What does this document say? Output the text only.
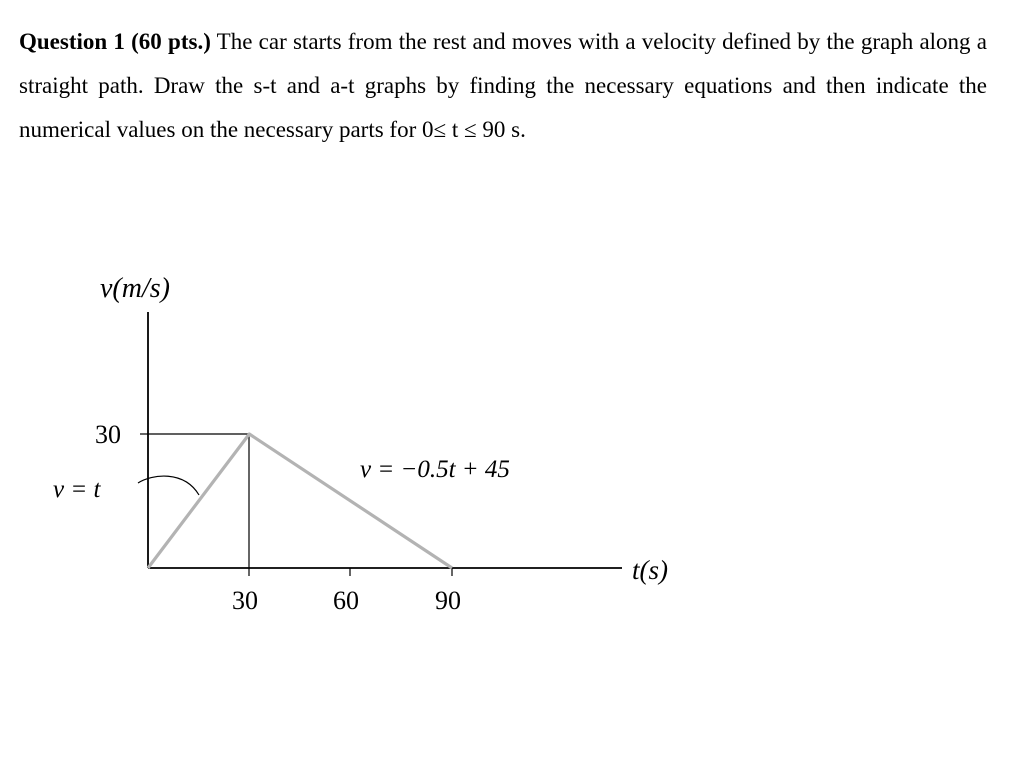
Question 1 (60 pts.) The car starts from the rest and moves with a velocity defined by the graph along a straight path. Draw the s-t and a-t graphs by finding the necessary equations and then indicate the numerical values on the necessary parts for 0≤ t ≤ 90 s.
v(m/s)
t(s)
30
30	60	90
v = t
v = −0.5t + 45
